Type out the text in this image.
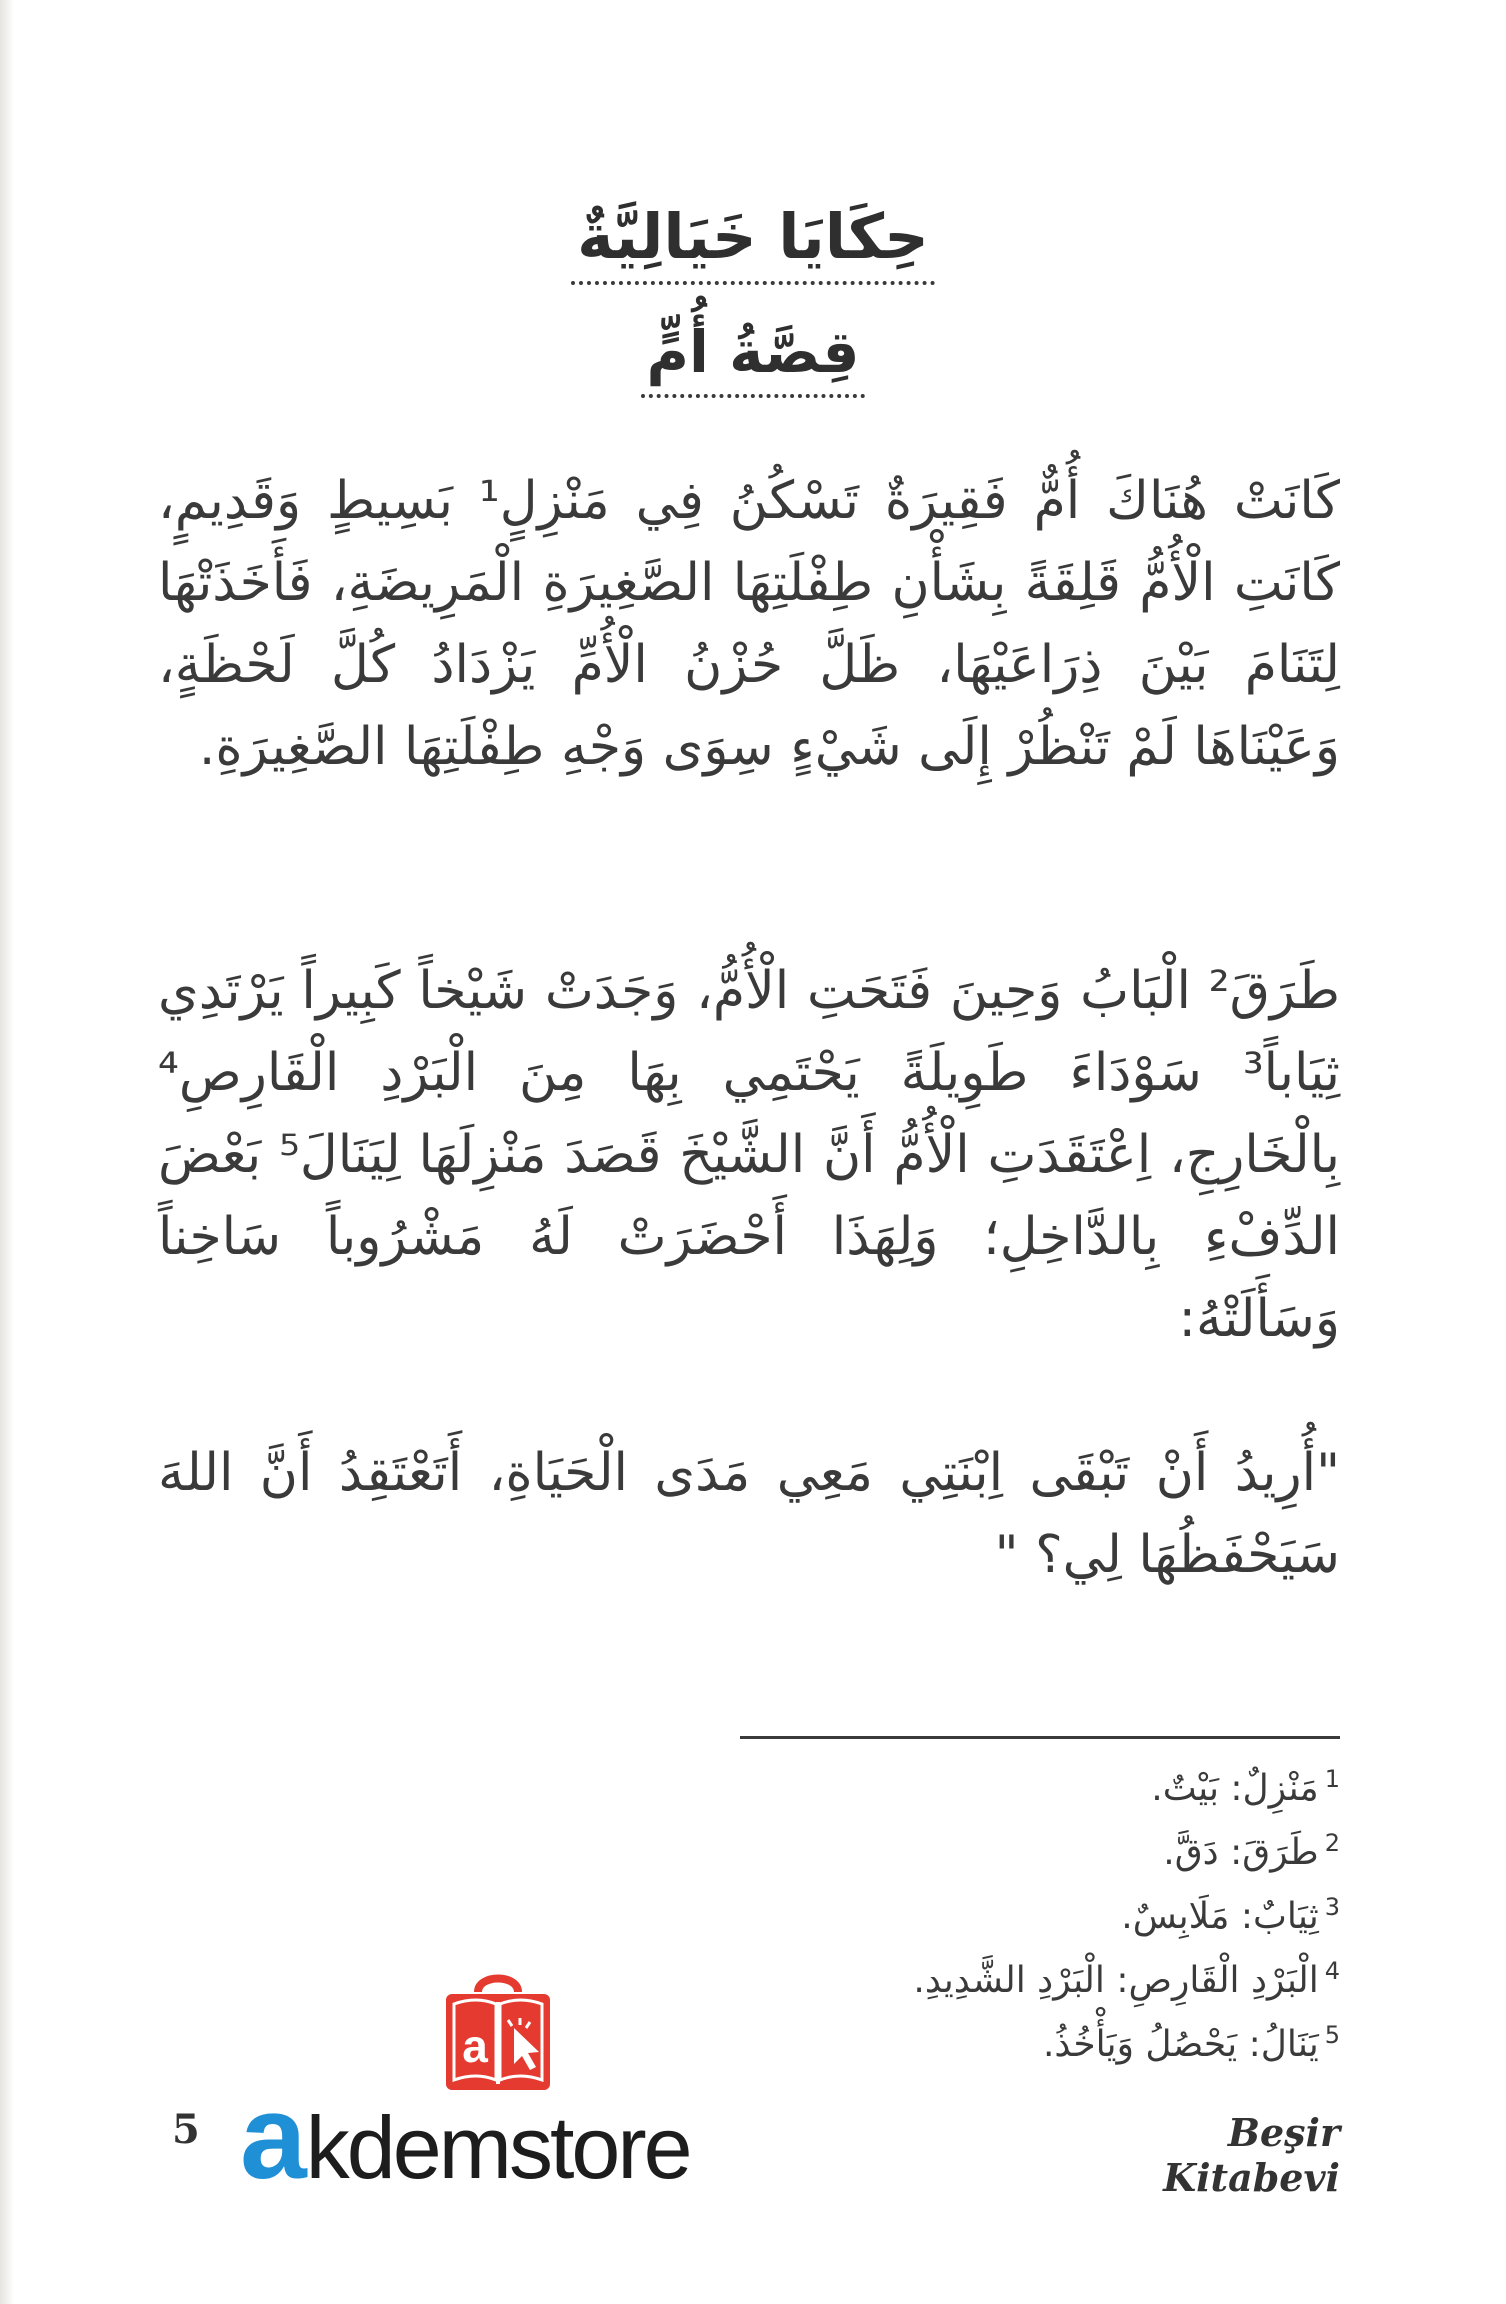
حِكَايَا خَيَالِيَّةٌ
قِصَّةُ أُمٍّ

كَانَتْ هُنَاكَ أُمٌّ فَقِيرَةٌ تَسْكُنُ فِي مَنْزِلٍ¹ بَسِيطٍ وَقَدِيمٍ، كَانَتِ الْأُمُّ قَلِقَةً بِشَأْنِ طِفْلَتِهَا الصَّغِيرَةِ الْمَرِيضَةِ، فَأَخَذَتْهَا لِتَنَامَ بَيْنَ ذِرَاعَيْهَا، ظَلَّ حُزْنُ الْأُمِّ يَزْدَادُ كُلَّ لَحْظَةٍ، وَعَيْنَاهَا لَمْ تَنْظُرْ إِلَى شَيْءٍ سِوَى وَجْهِ طِفْلَتِهَا الصَّغِيرَةِ.

طَرَقَ² الْبَابُ وَحِينَ فَتَحَتِ الْأُمُّ، وَجَدَتْ شَيْخاً كَبِيراً يَرْتَدِي ثِيَاباً³ سَوْدَاءَ طَوِيلَةً يَحْتَمِي بِهَا مِنَ الْبَرْدِ الْقَارِصِ⁴ بِالْخَارِجِ، اِعْتَقَدَتِ الْأُمُّ أَنَّ الشَّيْخَ قَصَدَ مَنْزِلَهَا لِيَنَالَ⁵ بَعْضَ الدِّفْءِ بِالدَّاخِلِ؛ وَلِهَذَا أَحْضَرَتْ لَهُ مَشْرُوباً سَاخِناً وَسَأَلَتْهُ:

"أُرِيدُ أَنْ تَبْقَى اِبْنَتِي مَعِي مَدَى الْحَيَاةِ، أَتَعْتَقِدُ أَنَّ اللهَ سَيَحْفَظُهَا لِي؟ "

$^1$مَنْزِلٌ: بَيْتٌ.
$^2$طَرَقَ: دَقَّ.
$^3$ثِيَابٌ: مَلَابِسٌ.
$^4$الْبَرْدِ الْقَارِصِ: الْبَرْدِ الشَّدِيدِ.
$^5$يَنَالُ: يَحْصُلُ وَيَأْخُذُ.
5
a
a kdemstore	Beşir Kitabevi
